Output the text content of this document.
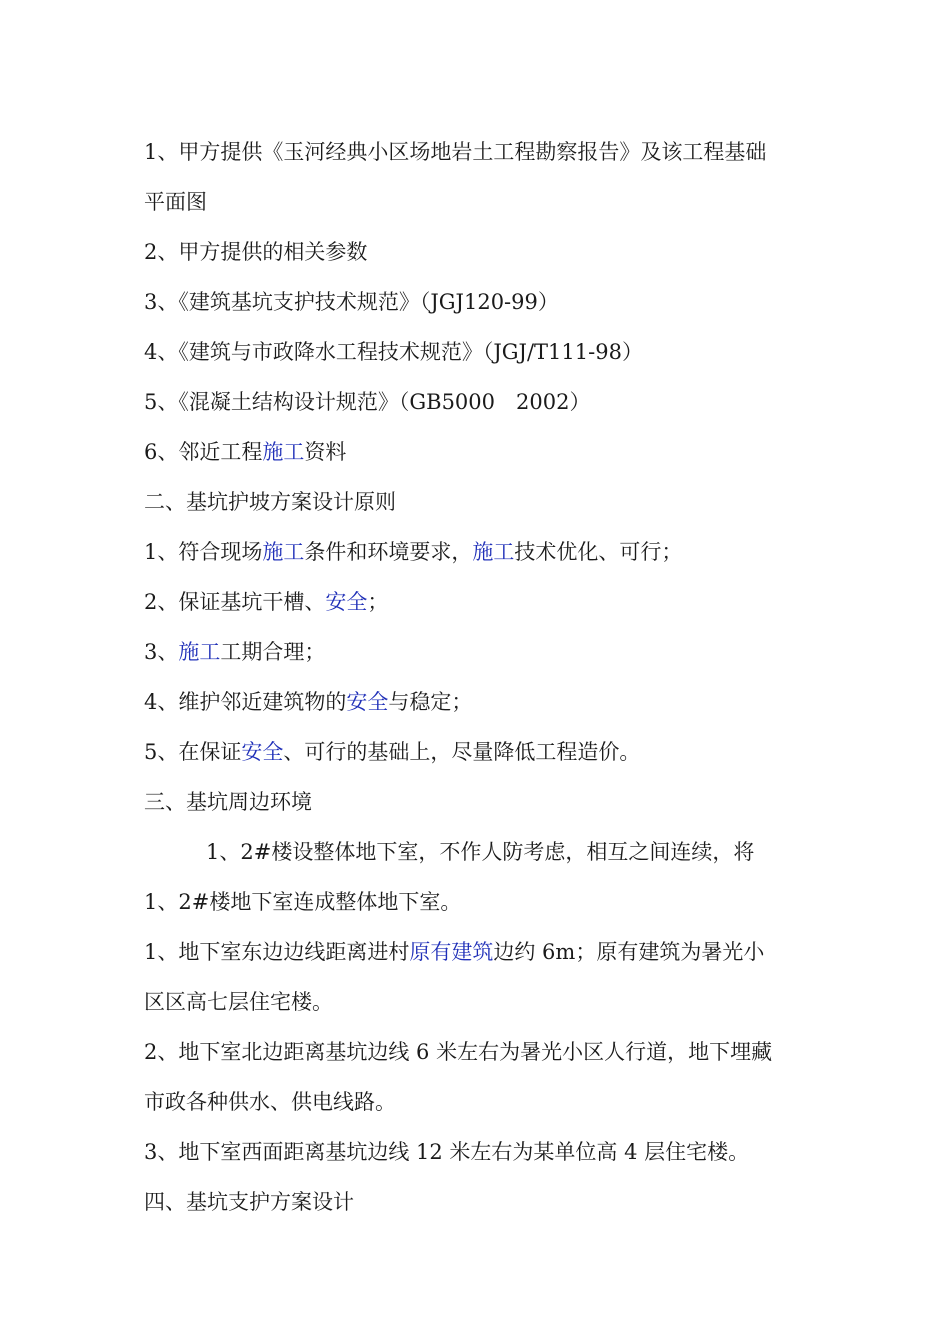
1、甲方提供《玉河经典小区场地岩土工程勘察报告》及该工程基础
平面图
2、甲方提供的相关参数
3、《建筑基坑支护技术规范》（JGJ120-99）
4、《建筑与市政降水工程技术规范》（JGJ/T111-98）
5、《混凝土结构设计规范》（GB5000　2002）
6、邻近工程施工资料
二、基坑护坡方案设计原则
1、符合现场施工条件和环境要求，施工技术优化、可行；
2、保证基坑干槽、安全；
3、施工工期合理；
4、维护邻近建筑物的安全与稳定；
5、在保证安全、可行的基础上，尽量降低工程造价。
三、基坑周边环境
1、2#楼设整体地下室，不作人防考虑，相互之间连续，将
1、2#楼地下室连成整体地下室。
1、地下室东边边线距离进村原有建筑边约 6m；原有建筑为暑光小
区区高七层住宅楼。
2、地下室北边距离基坑边线 6 米左右为暑光小区人行道，地下埋藏
市政各种供水、供电线路。
3、地下室西面距离基坑边线 12 米左右为某单位高 4 层住宅楼。
四、基坑支护方案设计
